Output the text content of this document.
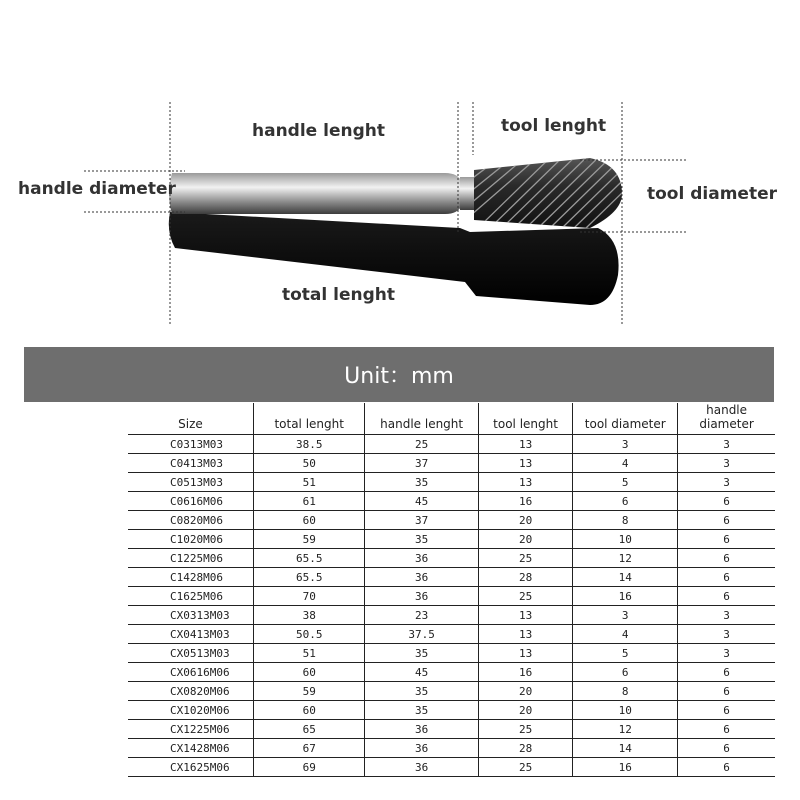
handle lenght	tool lenght
handle diameter	tool diameter
total lenght
Unit：mm
Size	total lenght	handle lenght	tool lenght	tool diameter	handle diameter
C0313M03	38.5	25	13	3	3
C0413M03	50	37	13	4	3
C0513M03	51	35	13	5	3
C0616M06	61	45	16	6	6
C0820M06	60	37	20	8	6
C1020M06	59	35	20	10	6
C1225M06	65.5	36	25	12	6
C1428M06	65.5	36	28	14	6
C1625M06	70	36	25	16	6
CX0313M03	38	23	13	3	3
CX0413M03	50.5	37.5	13	4	3
CX0513M03	51	35	13	5	3
CX0616M06	60	45	16	6	6
CX0820M06	59	35	20	8	6
CX1020M06	60	35	20	10	6
CX1225M06	65	36	25	12	6
CX1428M06	67	36	28	14	6
CX1625M06	69	36	25	16	6
